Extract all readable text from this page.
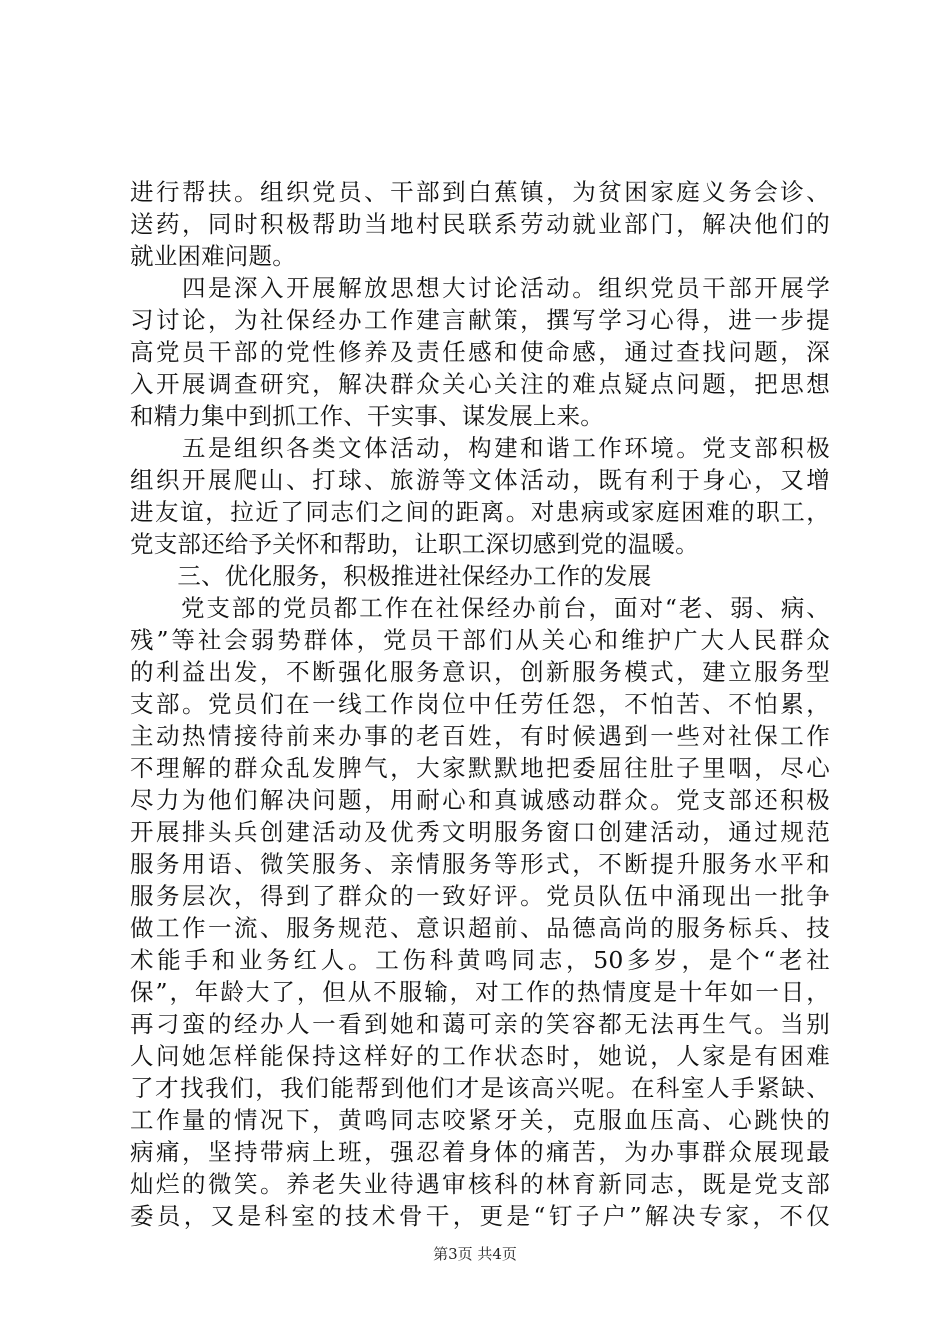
进行帮扶。组织党员、干部到白蕉镇，为贫困家庭义务会诊、
送药，同时积极帮助当地村民联系劳动就业部门，解决他们的
就业困难问题。
　　四是深入开展解放思想大讨论活动。组织党员干部开展学
习讨论，为社保经办工作建言献策，撰写学习心得，进一步提
高党员干部的党性修养及责任感和使命感，通过查找问题，深
入开展调查研究，解决群众关心关注的难点疑点问题，把思想
和精力集中到抓工作、干实事、谋发展上来。
　　五是组织各类文体活动，构建和谐工作环境。党支部积极
组织开展爬山、打球、旅游等文体活动，既有利于身心，又增
进友谊，拉近了同志们之间的距离。对患病或家庭困难的职工，
党支部还给予关怀和帮助，让职工深切感到党的温暖。
　　三、优化服务，积极推进社保经办工作的发展
　　党支部的党员都工作在社保经办前台，面对“老、弱、病、
残”等社会弱势群体，党员干部们从关心和维护广大人民群众
的利益出发，不断强化服务意识，创新服务模式，建立服务型
支部。党员们在一线工作岗位中任劳任怨，不怕苦、不怕累，
主动热情接待前来办事的老百姓，有时候遇到一些对社保工作
不理解的群众乱发脾气，大家默默地把委屈往肚子里咽，尽心
尽力为他们解决问题，用耐心和真诚感动群众。党支部还积极
开展排头兵创建活动及优秀文明服务窗口创建活动，通过规范
服务用语、微笑服务、亲情服务等形式，不断提升服务水平和
服务层次，得到了群众的一致好评。党员队伍中涌现出一批争
做工作一流、服务规范、意识超前、品德高尚的服务标兵、技
术能手和业务红人。工伤科黄鸣同志，50多岁，是个“老社
保”，年龄大了，但从不服输，对工作的热情度是十年如一日，
再刁蛮的经办人一看到她和蔼可亲的笑容都无法再生气。当别
人问她怎样能保持这样好的工作状态时，她说，人家是有困难
了才找我们，我们能帮到他们才是该高兴呢。在科室人手紧缺、
工作量的情况下，黄鸣同志咬紧牙关，克服血压高、心跳快的
病痛，坚持带病上班，强忍着身体的痛苦，为办事群众展现最
灿烂的微笑。养老失业待遇审核科的林育新同志，既是党支部
委员，又是科室的技术骨干，更是“钉子户”解决专家，不仅
第3页 共4页
